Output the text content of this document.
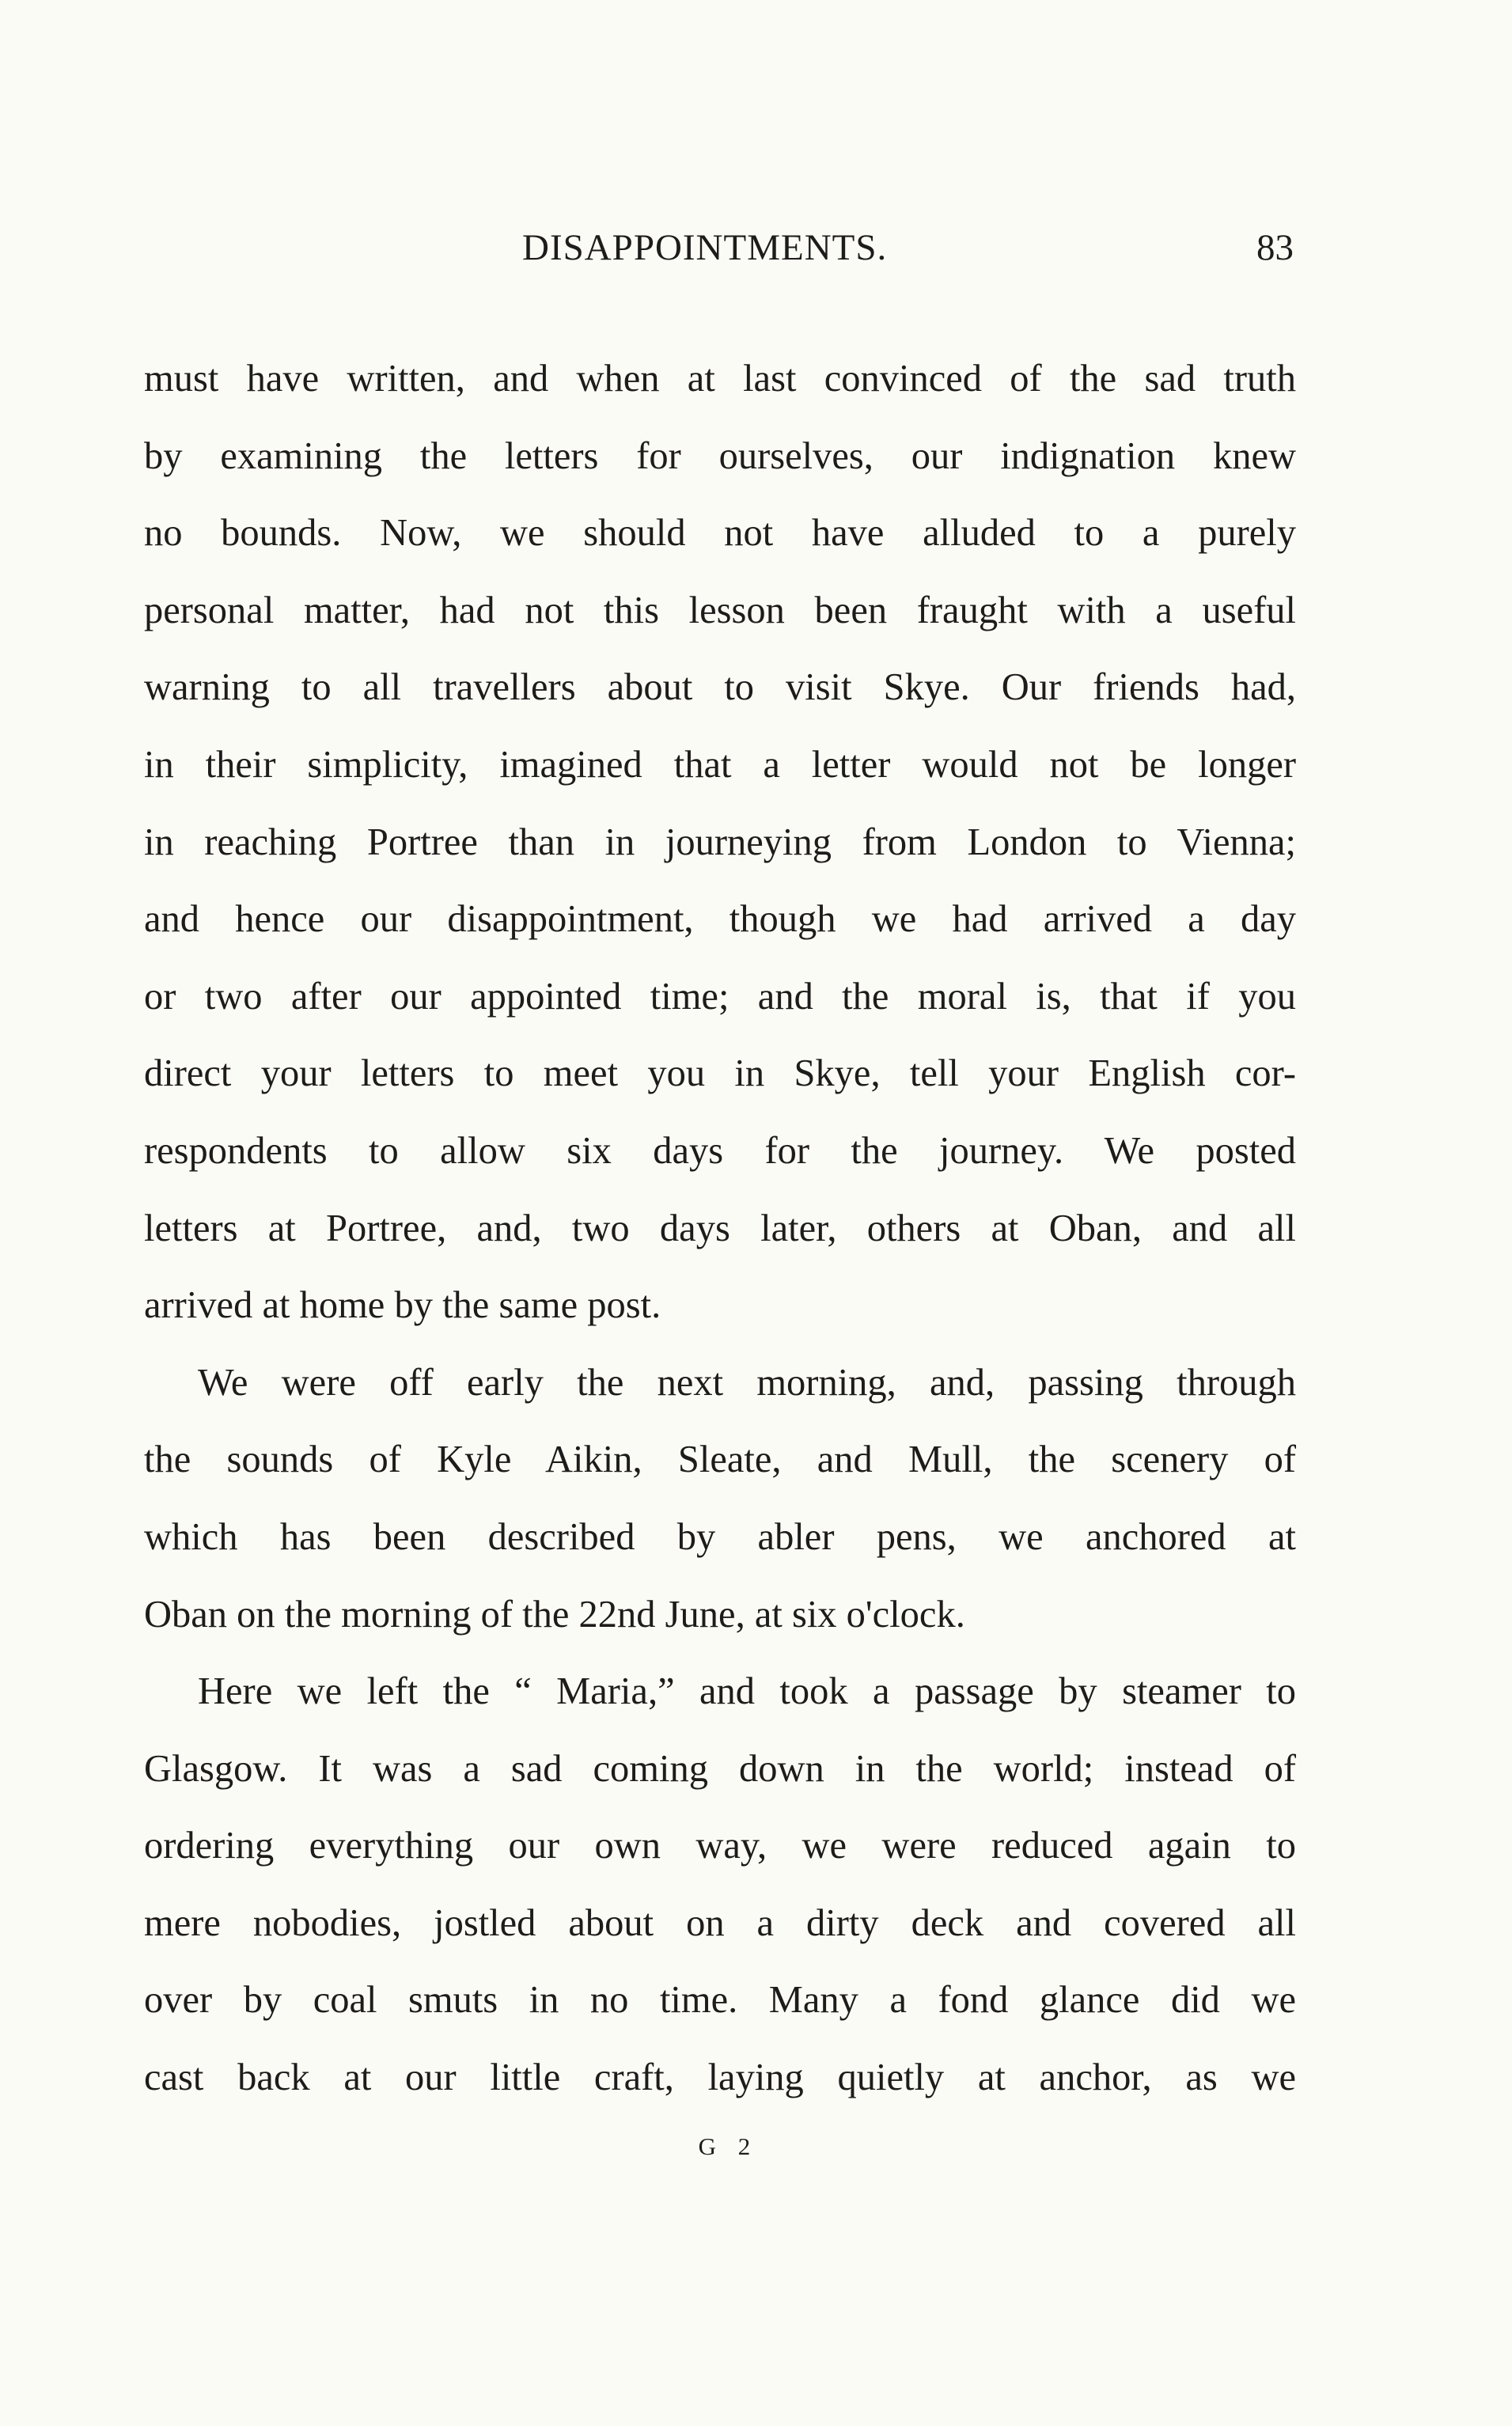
DISAPPOINTMENTS.	83
must have written, and when at last convinced of the sad truth
by examining the letters for ourselves, our indignation knew
no bounds. Now, we should not have alluded to a purely
personal matter, had not this lesson been fraught with a useful
warning to all travellers about to visit Skye. Our friends had,
in their simplicity, imagined that a letter would not be longer
in reaching Portree than in journeying from London to Vienna;
and hence our disappointment, though we had arrived a day
or two after our appointed time; and the moral is, that if you
direct your letters to meet you in Skye, tell your English cor-
respondents to allow six days for the journey. We posted
letters at Portree, and, two days later, others at Oban, and all
arrived at home by the same post.
We were off early the next morning, and, passing through
the sounds of Kyle Aikin, Sleate, and Mull, the scenery of
which has been described by abler pens, we anchored at
Oban on the morning of the 22nd June, at six o'clock.
Here we left the “ Maria,” and took a passage by steamer to
Glasgow. It was a sad coming down in the world; instead of
ordering everything our own way, we were reduced again to
mere nobodies, jostled about on a dirty deck and covered all
over by coal smuts in no time. Many a fond glance did we
cast back at our little craft, laying quietly at anchor, as we
G 2
